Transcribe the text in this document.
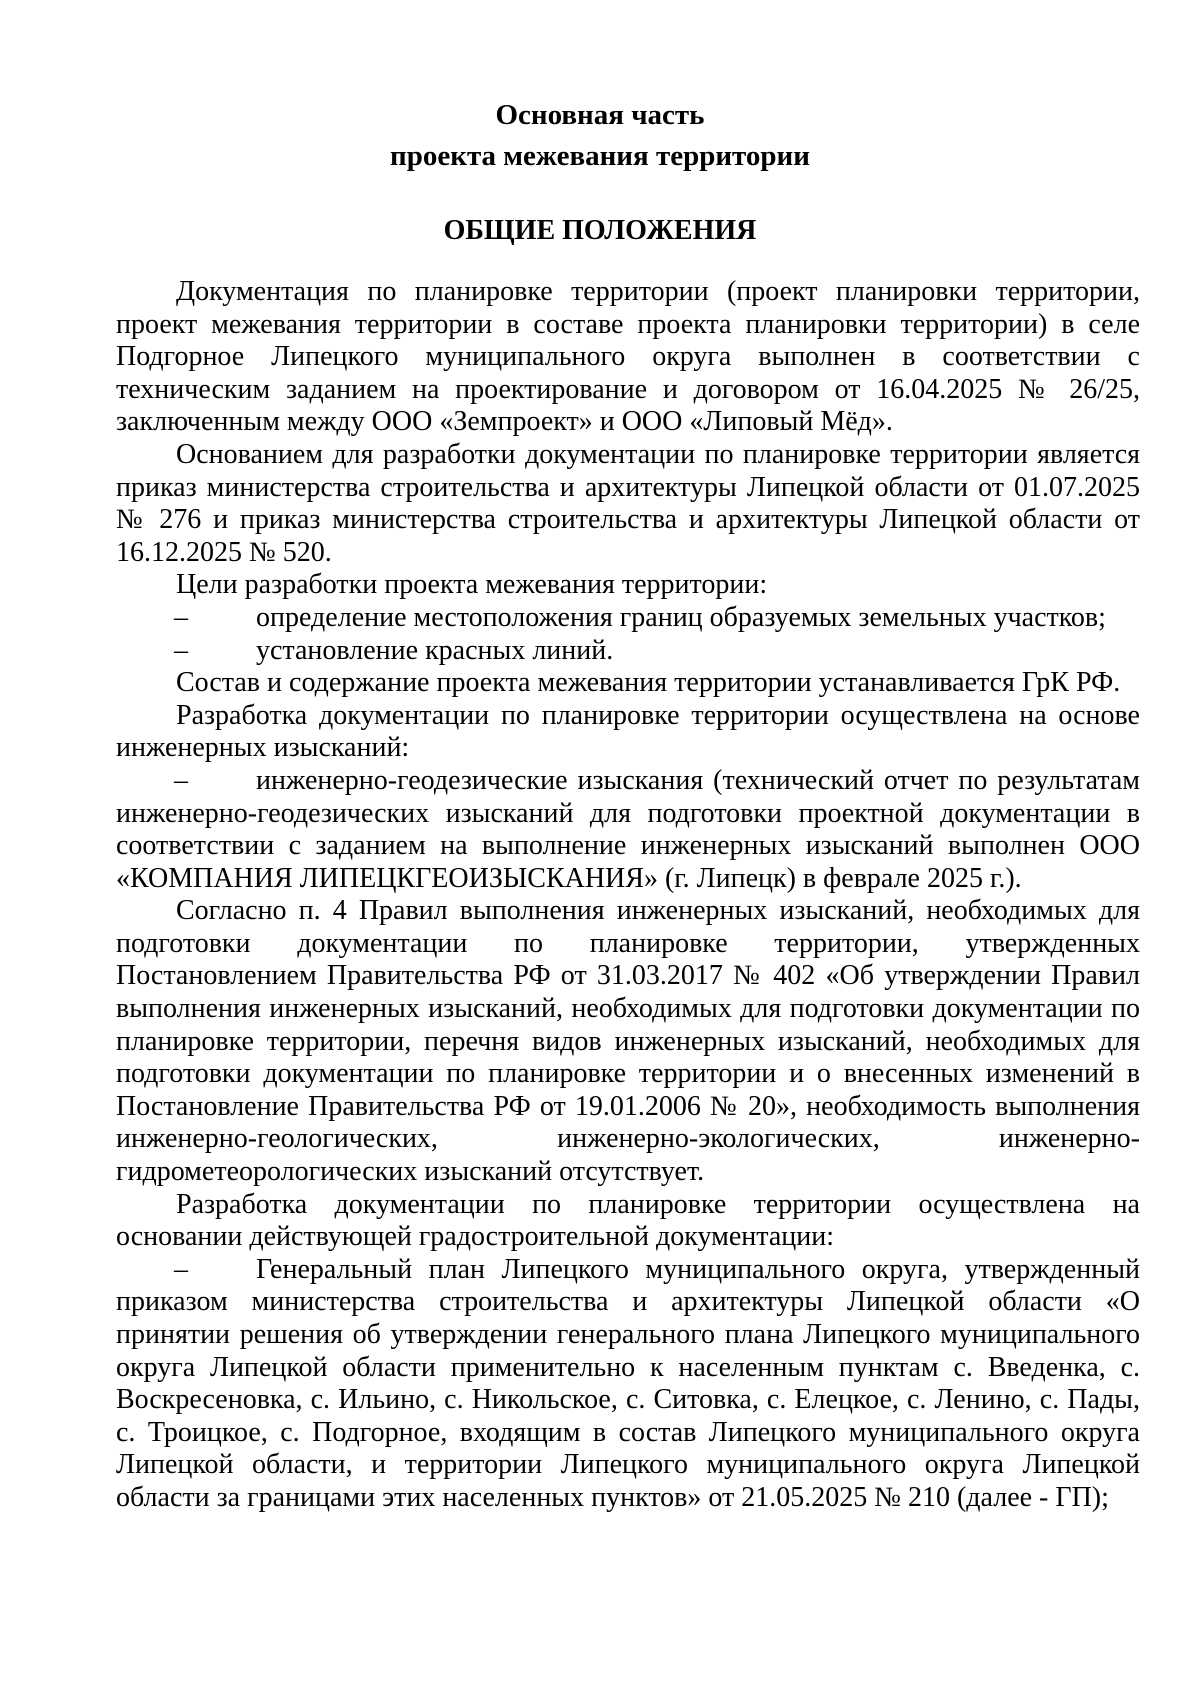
Основная часть
проекта межевания территории
ОБЩИЕ ПОЛОЖЕНИЯ

Документация по планировке территории (проект планировки территории, проект межевания территории в составе проекта планировки территории) в селе Подгорное Липецкого муниципального округа выполнен в соответствии с техническим заданием на проектирование и договором от 16.04.2025 № 26/25, заключенным между ООО «Земпроект» и ООО «Липовый Мёд».

Основанием для разработки документации по планировке территории является приказ министерства строительства и архитектуры Липецкой области от 01.07.2025 № 276 и приказ министерства строительства и архитектуры Липецкой области от 16.12.2025 № 520.

Цели разработки проекта межевания территории:

– определение местоположения границ образуемых земельных участков;

– установление красных линий.

Состав и содержание проекта межевания территории устанавливается ГрК РФ.

Разработка документации по планировке территории осуществлена на основе инженерных изысканий:

– инженерно-геодезические изыскания (технический отчет по результатам инженерно-геодезических изысканий для подготовки проектной документации в соответствии с заданием на выполнение инженерных изысканий выполнен ООО «КОМПАНИЯ ЛИПЕЦКГЕОИЗЫСКАНИЯ» (г. Липецк) в феврале 2025 г.).

Согласно п. 4 Правил выполнения инженерных изысканий, необходимых для подготовки документации по планировке территории, утвержденных Постановлением Правительства РФ от 31.03.2017 № 402 «Об утверждении Правил выполнения инженерных изысканий, необходимых для подготовки документации по планировке территории, перечня видов инженерных изысканий, необходимых для подготовки документации по планировке территории и о внесенных изменений в Постановление Правительства РФ от 19.01.2006 № 20», необходимость выполнения инженерно-геологических, инженерно-экологических, инженерно-гидрометеорологических изысканий отсутствует.

Разработка документации по планировке территории осуществлена на основании действующей градостроительной документации:

– Генеральный план Липецкого муниципального округа, утвержденный приказом министерства строительства и архитектуры Липецкой области «О принятии решения об утверждении генерального плана Липецкого муниципального округа Липецкой области применительно к населенным пунктам с. Введенка, с. Воскресеновка, с. Ильино, с. Никольское, с. Ситовка, с. Елецкое, с. Ленино, с. Пады, с. Троицкое, с. Подгорное, входящим в состав Липецкого муниципального округа Липецкой области, и территории Липецкого муниципального округа Липецкой области за границами этих населенных пунктов» от 21.05.2025 № 210 (далее - ГП);
